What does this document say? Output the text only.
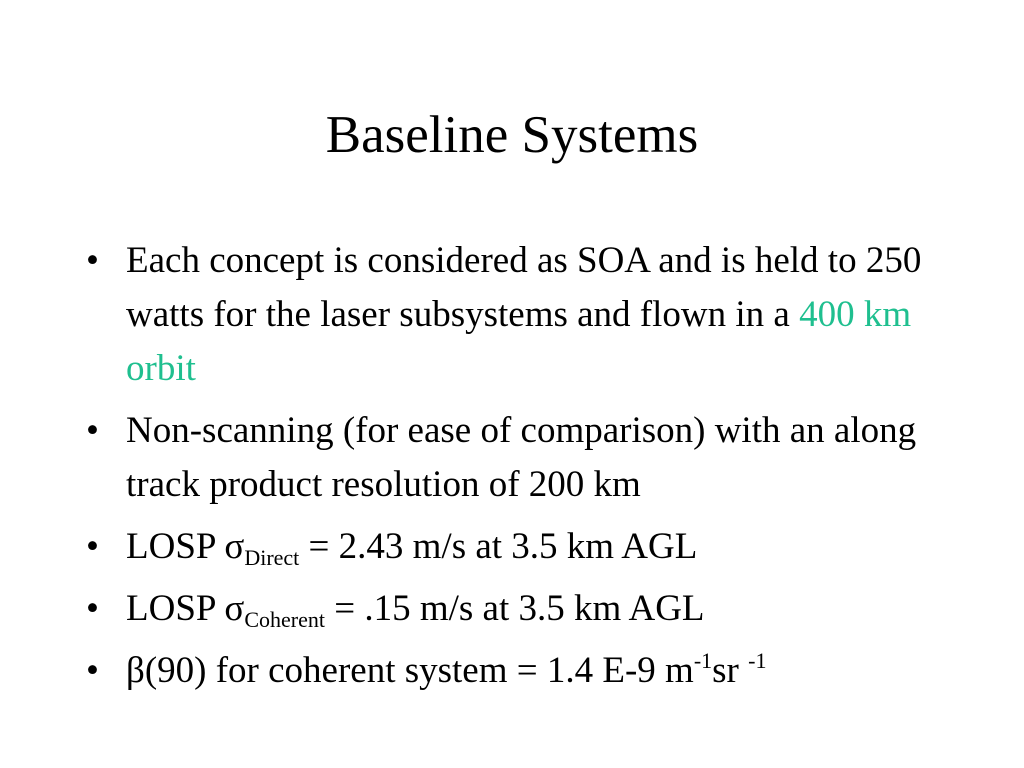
Baseline Systems
• Each concept is considered as SOA and is held to 250 watts for the laser subsystems and flown in a 400 km orbit
• Non-scanning (for ease of comparison) with an along track product resolution of 200 km
• LOSP $\sigma_{Direct} = 2.43$ m/s at 3.5 km AGL
• LOSP $\sigma_{Coherent} = .15$ m/s at 3.5 km AGL
• β(90) for coherent system = 1.4 E-9 $m^{-1}sr$ $^{-1}$
